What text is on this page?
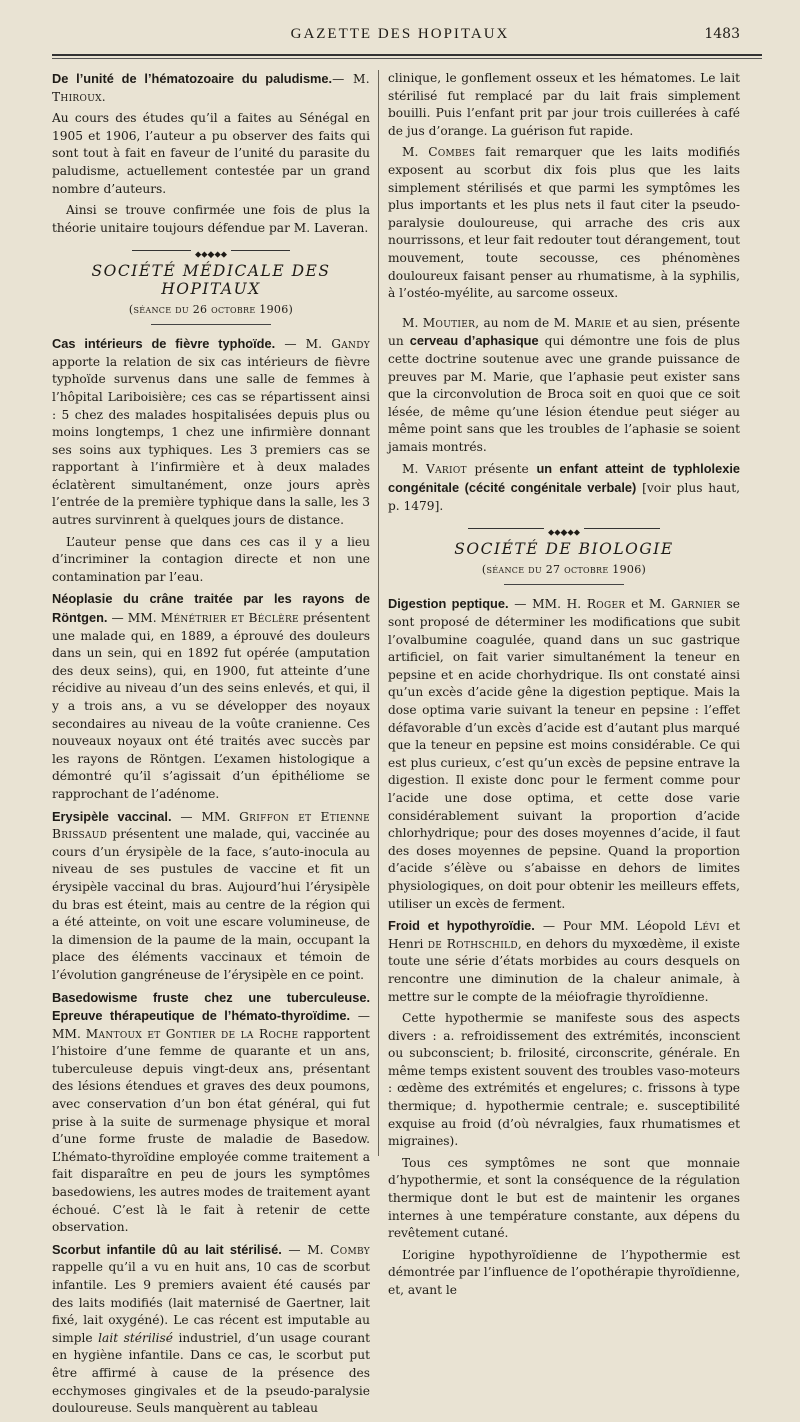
GAZETTE DES HOPITAUX	1483

De l’unité de l’hématozoaire du paludisme.— M. Thiroux.

Au cours des études qu’il a faites au Sénégal en 1905 et 1906, l’auteur a pu observer des faits qui sont tout à fait en faveur de l’unité du parasite du paludisme, actuellement contestée par un grand nombre d’auteurs.

Ainsi se trouve confirmée une fois de plus la théorie unitaire toujours défendue par M. Laveran.

⬥⬥◆⬥⬥
SOCIÉTÉ MÉDICALE DES HOPITAUX
(séance du 26 octobre 1906)

Cas intérieurs de fièvre typhoïde. — M. Gandy apporte la relation de six cas intérieurs de fièvre typhoïde survenus dans une salle de femmes à l’hôpital Lariboisière; ces cas se répartissent ainsi : 5 chez des malades hospitalisées depuis plus ou moins longtemps, 1 chez une infirmière donnant ses soins aux typhiques. Les 3 premiers cas se rapportant à l’infirmière et à deux malades éclatèrent simultanément, onze jours après l’entrée de la première typhique dans la salle, les 3 autres survinrent à quelques jours de distance.

L’auteur pense que dans ces cas il y a lieu d’incriminer la contagion directe et non une contamination par l’eau.

Néoplasie du crâne traitée par les rayons de Röntgen. — MM. Ménétrier et Béclère présentent une malade qui, en 1889, a éprouvé des douleurs dans un sein, qui en 1892 fut opérée (amputation des deux seins), qui, en 1900, fut atteinte d’une récidive au niveau d’un des seins enlevés, et qui, il y a trois ans, a vu se développer des noyaux secondaires au niveau de la voûte cranienne. Ces nouveaux noyaux ont été traités avec succès par les rayons de Röntgen. L’examen histologique a démontré qu’il s’agissait d’un épithéliome se rapprochant de l’adénome.

Erysipèle vaccinal. — MM. Griffon et Etienne Brissaud présentent une malade, qui, vaccinée au cours d’un érysipèle de la face, s’auto-inocula au niveau de ses pustules de vaccine et fit un érysipèle vaccinal du bras. Aujourd’hui l’érysipèle du bras est éteint, mais au centre de la région qui a été atteinte, on voit une escare volumineuse, de la dimension de la paume de la main, occupant la place des éléments vaccinaux et témoin de l’évolution gangréneuse de l’érysipèle en ce point.

Basedowisme fruste chez une tuberculeuse. Epreuve thérapeutique de l’hémato-thyroïdime. — MM. Mantoux et Gontier de la Roche rapportent l’histoire d’une femme de quarante et un ans, tuberculeuse depuis vingt-deux ans, présentant des lésions étendues et graves des deux poumons, avec conservation d’un bon état général, qui fut prise à la suite de surmenage physique et moral d’une forme fruste de maladie de Basedow. L’hémato-thyroïdine employée comme traitement a fait disparaître en peu de jours les symptômes basedowiens, les autres modes de traitement ayant échoué. C’est là le fait à retenir de cette observation.

Scorbut infantile dû au lait stérilisé. — M. Comby rappelle qu’il a vu en huit ans, 10 cas de scorbut infantile. Les 9 premiers avaient été causés par des laits modifiés (lait maternisé de Gaertner, lait fixé, lait oxygéné). Le cas récent est imputable au simple lait stérilisé industriel, d’un usage courant en hygiène infantile. Dans ce cas, le scorbut put être affirmé à cause de la présence des ecchymoses gingivales et de la pseudo-paralysie douloureuse. Seuls manquèrent au tableau

clinique, le gonflement osseux et les hématomes. Le lait stérilisé fut remplacé par du lait frais simplement bouilli. Puis l’enfant prit par jour trois cuillerées à café de jus d’orange. La guérison fut rapide.

M. Combes fait remarquer que les laits modifiés exposent au scorbut dix fois plus que les laits simplement stérilisés et que parmi les symptômes les plus importants et les plus nets il faut citer la pseudo-paralysie douloureuse, qui arrache des cris aux nourrissons, et leur fait redouter tout dérangement, tout mouvement, toute secousse, ces phénomènes douloureux faisant penser au rhumatisme, à la syphilis, à l’ostéo-myélite, au sarcome osseux.

M. Moutier, au nom de M. Marie et au sien, présente un cerveau d’aphasique qui démontre une fois de plus cette doctrine soutenue avec une grande puissance de preuves par M. Marie, que l’aphasie peut exister sans que la circonvolution de Broca soit en quoi que ce soit lésée, de même qu’une lésion étendue peut siéger au même point sans que les troubles de l’aphasie se soient jamais montrés.

M. Variot présente un enfant atteint de typhlolexie congénitale (cécité congénitale verbale) [voir plus haut, p. 1479].

⬥⬥◆⬥⬥
SOCIÉTÉ DE BIOLOGIE
(séance du 27 octobre 1906)

Digestion peptique. — MM. H. Roger et M. Garnier se sont proposé de déterminer les modifications que subit l’ovalbumine coagulée, quand dans un suc gastrique artificiel, on fait varier simultanément la teneur en pepsine et en acide chorhydrique. Ils ont constaté ainsi qu’un excès d’acide gêne la digestion peptique. Mais la dose optima varie suivant la teneur en pepsine : l’effet défavorable d’un excès d’acide est d’autant plus marqué que la teneur en pepsine est moins considérable. Ce qui est plus curieux, c’est qu’un excès de pepsine entrave la digestion. Il existe donc pour le ferment comme pour l’acide une dose optima, et cette dose varie considérablement suivant la proportion d’acide chlorhydrique; pour des doses moyennes d’acide, il faut des doses moyennes de pepsine. Quand la proportion d’acide s’élève ou s’abaisse en dehors de limites physiologiques, on doit pour obtenir les meilleurs effets, utiliser un excès de ferment.

Froid et hypothyroïdie. — Pour MM. Léopold Lévi et Henri de Rothschild, en dehors du myxœdème, il existe toute une série d’états morbides au cours desquels on rencontre une diminution de la chaleur animale, à mettre sur le compte de la méiofragie thyroïdienne.

Cette hypothermie se manifeste sous des aspects divers : a. refroidissement des extrémités, inconscient ou subconscient; b. frilosité, circonscrite, générale. En même temps existent souvent des troubles vaso-moteurs : œdème des extrémités et engelures; c. frissons à type thermique; d. hypothermie centrale; e. susceptibilité exquise au froid (d’où névralgies, faux rhumatismes et migraines).

Tous ces symptômes ne sont que monnaie d’hypothermie, et sont la conséquence de la régulation thermique dont le but est de maintenir les organes internes à une température constante, aux dépens du revêtement cutané.

L’origine hypothyroïdienne de l’hypothermie est démontrée par l’influence de l’opothérapie thyroïdienne, et, avant le
